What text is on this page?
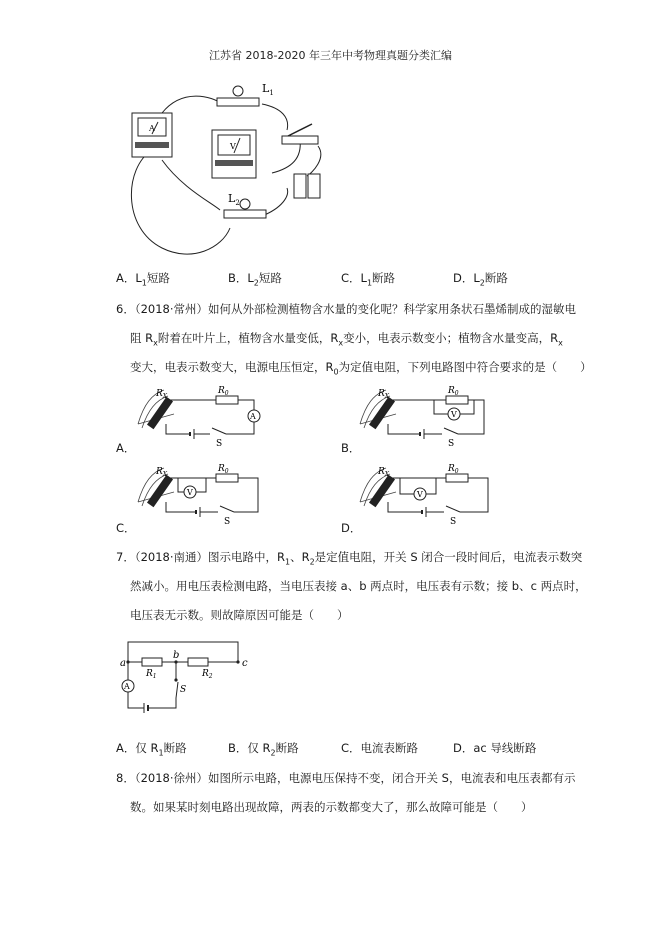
江苏省 2018-2020 年三年中考物理真题分类汇编
A
V
$L_1$
$L_2$
A．$L_1$短路	B．$L_2$短路	C．$L_1$断路	D．$L_2$断路
6．（2018·常州）如何从外部检测植物含水量的变化呢？科学家用条状石墨烯制成的湿敏电
阻 $R_x$附着在叶片上，植物含水量变低，$R_x$变小，电表示数变小；植物含水量变高，$R_x$
变大，电表示数变大，电源电压恒定，$R_0$为定值电阻，下列电路图中符合要求的是（　　）
$R_X$
$R_0$
A
S
A．
$R_X$
$R_0$
V
S
B．
$R_X$
$R_0$
V
S
C．
$R_X$
$R_0$
V
S
D．
7．（2018·南通）图示电路中，$R_1$、$R_2$是定值电阻，开关 S 闭合一段时间后，电流表示数突
然减小。用电压表检测电路，当电压表接 a、b 两点时，电压表有示数；接 b、c 两点时，
电压表无示数。则故障原因可能是（　　）
a
b
c
$R_1$	$R_2$
S
A
A．仅 $R_1$断路	B．仅 $R_2$断路	C．电流表断路	D．ac 导线断路
8．（2018·徐州）如图所示电路，电源电压保持不变，闭合开关 S，电流表和电压表都有示
数。如果某时刻电路出现故障，两表的示数都变大了，那么故障可能是（　　）
